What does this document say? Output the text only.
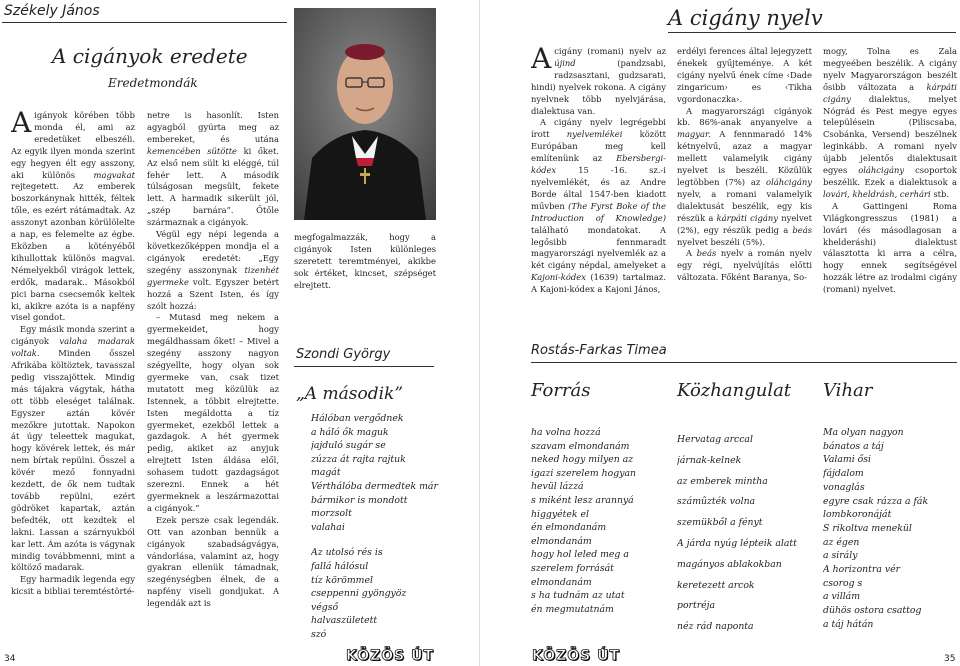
Székely János
A cigányok eredete
Eredetmondák

Aigányok körében több monda él, ami az eredetüket elbeszéli. Az egyik ilyen monda szerint egy hegyen élt egy asszony, aki különös magvakat rejtegetett. Az emberek boszorkánynak hitték, féltek tőle, es ezért rátámadtak. Az asszonyt azonban körülölelte a nap, es felemelte az égbe. Eközben a kötényéből kihullottak különös magvai. Némelyekből virágok lettek, erdők, madarak.. Másokból pici barna csecsemők keltek ki, akikre azóta is a napfény visel gondot.

Egy másik monda szerint a cigányok valaha madarak voltak. Minden ősszel Afrikába költöztek, tavasszal pedig visszajöttek. Mindig más tájakra vágytak, hátha ott több eleséget találnak. Egyszer aztán kövér mezőkre jutottak. Napokon át úgy teleettek magukat, hogy kövérek lettek, és már nem bírtak repülni. Ősszel a kövér mező fonnyadni kezdett, de ők nem tudtak tovább repülni, ezért gödröket kapartak, aztán befedték, ott kezdtek el lakni. Lassan a szárnyukból kar lett. Ám azóta is vágynak mindig továbbmenni, mint a költöző madarak.

Egy harmadik legenda egy kicsit a bibliai teremtéstörté-

netre is hasonlít. Isten agyagból gyúrta meg az embereket, és utána kemencében sütötte ki őket. Az első nem sült ki eléggé, túl fehér lett. A második túlságosan megsült, fekete lett. A harmadik sikerült jól, „szép barnára”. Őtőle származnak a cigányok.

Végül egy népi legenda a következőképpen mondja el a cigányok eredetét: „Egy szegény asszonynak tizenhét gyermeke volt. Egyszer betért hozzá a Szent Isten, és így szólt hozzá:

– Mutasd meg nekem a gyermekeidet, hogy megáldhassam őket! – Mivel a szegény asszony nagyon szégyellte, hogy olyan sok gyermeke van, csak tizet mutatott meg közülük az Istennek, a többit elrejtette. Isten megáldotta a tíz gyermeket, ezekből lettek a gazdagok. A hét gyermek pedig, akiket az anyjuk elrejtett Isten áldása elől, sohasem tudott gazdagságot szerezni. Ennek a hét gyermeknek a leszármazottai a cigányok.”

Ezek persze csak legendák. Ott van azonban bennük a cigányok szabadságvágya, vándorlása, valamint az, hogy gyakran ellenük támadnak, szegénységben élnek, de a napfény viseli gondjukat. A legendák azt is

megfogalmazzák, hogy a cigányok Isten különleges szeretett teremtményei, akikbe sok értéket, kincset, szépséget elrejtett.

Szondi György
„A második”
Hálóban vergődnek
a háló ők maguk
jajduló sugár se
zúzza át rajta rajtuk
magát
Vérthálóba dermedtek már
bármikor is mondott
morzsolt
valahai
Az utolsó rés is
fallá hálósul
tíz körömmel
cseppenni gyöngyöz
végső
halvaszületett
szó
34	KÖZÖS ÚT
A cigány nyelv

Acigány (romani) nyelv az újind	(pandzsabi, radzsasztani, gudzsarati, hindi) nyelvek rokona. A cigány nyelvnek több nyelvjárása, dialektusa van.

A cigány nyelv legrégebbi írott nyelvemlékei között Európában meg kell említenünk az Ebersbergi-kódex	15 -16. sz.-i nyelvemlékét, és az Andre Borde által 1547-ben kiadott művben (The Fyrst Boke of the Introduction of Knowledge) található mondatokat. A legősibb fennmaradt magyarországi nyelvemlék az a két cigány népdal, amelyeket a Kajoni-kódex (1639) tartalmaz. A Kajoni-kódex a Kajoni János,

erdélyi ferences által lejegyzett énekek gyűjteménye. A két cigány nyelvű ének címe ‹Dade zingaricum› es ‹Tikha vgordonaczka›.

A magyarországi cigányok kb. 86%-anak anyanyelve a magyar. A fennmaradó 14% kétnyelvű, azaz a magyar mellett valamelyik cigány nyelvet is beszéli. Közülük legtöbben (7%) az oláhcigány nyelv, a romani valamelyik dialektusát beszélik, egy kis részük a kárpáti cigány nyelvet (2%), egy részük pedig a beás nyelvet beszéli (5%).

A beás nyelv a román nyelv egy régi, nyelvújítás előtti változata. Főként Baranya, So-

mogy, Tolna es Zala megyeében beszélik. A cigány nyelv Magyarországon beszélt ősibb változata a kárpáti cigány dialektus, melyet Nógrád és Pest megye egyes településein (Piliscsaba, Csobánka, Versend) beszélnek leginkább. A romani nyelv újabb jelentős dialektusait egyes oláhcigány csoportok beszélik. Ezek a dialektusok a lovári, kheldrásh, cerhári stb.

A Gattingeni Roma Világkongresszus (1981) a lovári (és másodlagosan a khelderáshi) dialektust választotta ki arra a célra, hogy ennek segítségével hozzák létre az irodalmi cigány (romani) nyelvet.

Rostás-Farkas Timea
Forrás	Közhangulat Vihar
ha volna hozzá
szavam elmondanám
neked hogy milyen az
igazi szerelem hogyan
hevül lázzá
s miként lesz arannyá
higgyétek el
én elmondanám
elmondanám
hogy hol leled meg a
szerelem forrását
elmondanám
s ha tudnám az utat
én megmutatnám
Hervatag arccal
járnak-kelnek
az emberek mintha
számûzték volna
szemükből a fényt
A járda nyúg lépteik alatt
magányos ablakokban
keretezett arcok
portréja
néz rád naponta
Ma olyan nagyon
bánatos a táj
Valami ősi
fájdalom
vonaglás
egyre csak rázza a fák
lombkoronáját
S rikoltva menekül
az égen
a sirály
A horizontra vér
csorog s
a villám
dühös ostora csattog
a táj hátán
KÖZÖS ÚT	35
